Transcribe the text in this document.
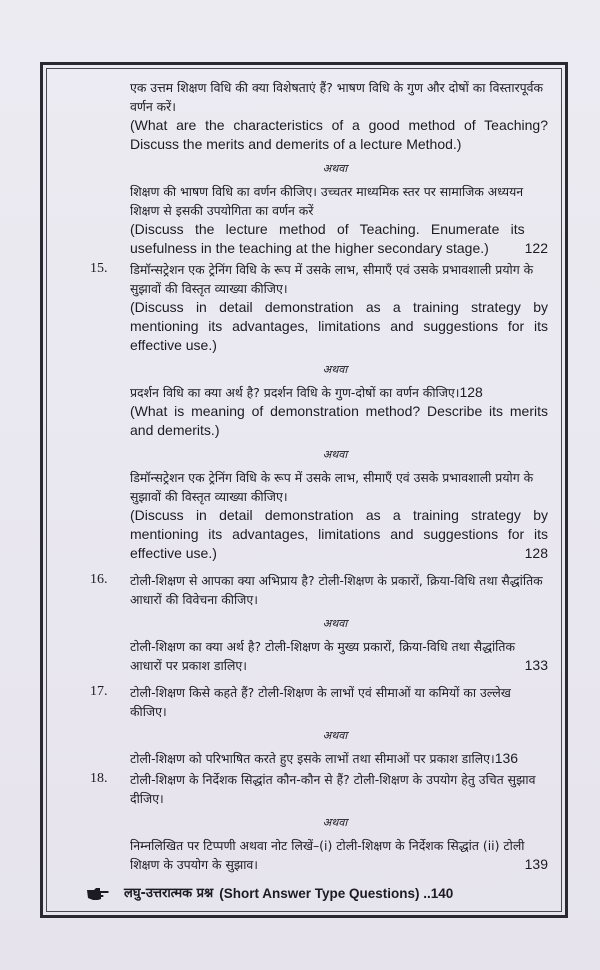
एक उत्तम शिक्षण विधि की क्या विशेषताएं हैं? भाषण विधि के गुण और दोषों का विस्तारपूर्वक वर्णन करें।
(What are the characteristics of a good method of Teaching? Discuss the merits and demerits of a lecture Method.)
अथवा
शिक्षण की भाषण विधि का वर्णन कीजिए। उच्चतर माध्यमिक स्तर पर सामाजिक अध्ययन शिक्षण से इसकी उपयोगिता का वर्णन करें
(Discuss the lecture method of Teaching. Enumerate its usefulness in the teaching at the higher secondary stage.)	122
15.	डिमॉन्सट्रेशन एक ट्रेनिंग विधि के रूप में उसके लाभ, सीमाएँ एवं उसके प्रभावशाली प्रयोग के सुझावों की विस्तृत व्याख्या कीजिए।
(Discuss in detail demonstration as a training strategy by mentioning its advantages, limitations and suggestions for its effective use.)
अथवा
प्रदर्शन विधि का क्या अर्थ है? प्रदर्शन विधि के गुण-दोषों का वर्णन कीजिए।128
(What is meaning of demonstration method? Describe its merits and demerits.)
अथवा
डिमॉन्सट्रेशन एक ट्रेनिंग विधि के रूप में उसके लाभ, सीमाएँ एवं उसके प्रभावशाली प्रयोग के सुझावों की विस्तृत व्याख्या कीजिए।
(Discuss in detail demonstration as a training strategy by mentioning its advantages, limitations and suggestions for its effective use.)	128
16.	टोली-शिक्षण से आपका क्या अभिप्राय है? टोली-शिक्षण के प्रकारों, क्रिया-विधि तथा सैद्धांतिक आधारों की विवेचना कीजिए।
अथवा
टोली-शिक्षण का क्या अर्थ है? टोली-शिक्षण के मुख्य प्रकारों, क्रिया-विधि तथा सैद्धांतिक आधारों पर प्रकाश डालिए।	133
17.	टोली-शिक्षण किसे कहते हैं? टोली-शिक्षण के लाभों एवं सीमाओं या कमियों का उल्लेख कीजिए।
अथवा
टोली-शिक्षण को परिभाषित करते हुए इसके लाभों तथा सीमाओं पर प्रकाश डालिए। 136
18.	टोली-शिक्षण के निर्देशक सिद्धांत कौन-कौन से हैं? टोली-शिक्षण के उपयोग हेतु उचित सुझाव दीजिए।
अथवा
निम्नलिखित पर टिप्पणी अथवा नोट लिखें–(i) टोली-शिक्षण के निर्देशक सिद्धांत (ii) टोली शिक्षण के उपयोग के सुझाव।	139
लघु-उत्तरात्मक प्रश्न (Short Answer Type Questions) ..140
